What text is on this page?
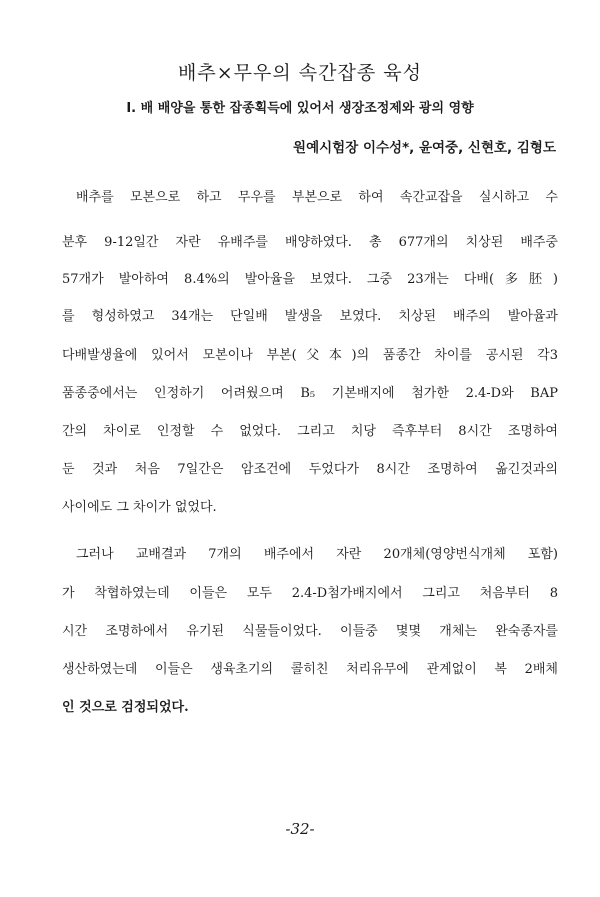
배추×무우의 속간잡종 육성
I. 배 배양을 통한 잡종획득에 있어서 생장조정제와 광의 영향
원예시험장 이수성*, 윤여중, 신현호, 김형도
배추를 모본으로 하고 무우를 부본으로 하여 속간교잡을 실시하고 수
분후 9-12일간 자란 유배주를 배양하였다. 총 677개의 치상된 배주중
57개가 발아하여 8.4%의 발아율을 보였다. 그중 23개는 다배(多胚)
를 형성하였고 34개는 단일배 발생을 보였다. 치상된 배주의 발아율과
다배발생율에 있어서 모본이나 부본(父本)의 품종간 차이를 공시된 각3
품종중에서는 인정하기 어려웠으며 B₅ 기본배지에 첨가한 2.4-D와 BAP
간의 차이로 인정할 수 없었다. 그리고 치당 즉후부터 8시간 조명하여
둔 것과 처음 7일간은 암조건에 두었다가 8시간 조명하여 옮긴것과의
사이에도 그 차이가 없었다.
그러나 교배결과 7개의 배주에서 자란 20개체(영양번식개체 포함)
가 착협하였는데 이들은 모두 2.4-D첨가배지에서 그리고 처음부터 8
시간 조명하에서 유기된 식물들이었다. 이들중 몇몇 개체는 완숙종자를
생산하였는데 이들은 생육초기의 콜히친 처리유무에 관계없이 복 2배체
인 것으로 검정되었다.
-32-
